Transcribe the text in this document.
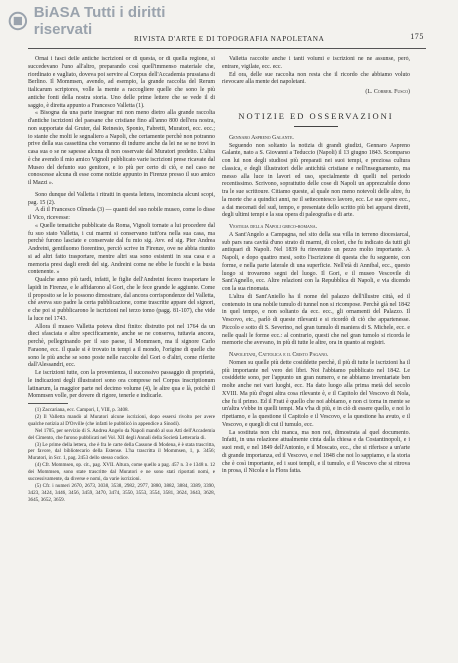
BiASA Tutti i diritti riservati
RIVISTA D'ARTE E DI TOPOGRAFIA NAPOLETANA	175

Ornai i fasci delle antiche iscrizioni or di questa, or di quella regione, si succedevano l'uno all'altro, preparando così quell'immenso materiale che, riordinato e vagliato, doveva poi servire al Corpus dell'Accademia prussiana di Berlino. Il Mommsen, avendo, ad esempio, la grande raccolta del Rerum italicarum scriptores, volle la mente a raccogliere quelle che sono le più antiche fonti della nostra storia. Uno delle prime lettere che se vede il di saggio, è diretta appunto a Francesco Valletta (1).

« Bisogna da una parte insegnar mi non meno dietro alla grande raccolta d'antiche iscrizioni del paesane che cristiane fino all'anno 800 dell'era nostra, non supportate dal Gruter, dal Reinesio, Sponio, Fabretti, Muratori, ecc. ecc.; io stante che molti le segnaliero a Napoli, che certamente perchè non potranno prive della sua cassettina che vorranno di indurre anche da lei ne se ne trovi in casa sua o se ne sapesse alcuna di non osservate dal Muratori predetto. L'altra è che avendo il mio amico Vignoli pubblicato varie iscrizioni prese ricavate dal Museo del defunto suo genitore, e io più per certo di ciò, e nel caso ne conoscesse alcuna di esse come notizie appunto in Firenze presso il suo amico il Mazzi ».

Sono dunque del Valletta i ritratti in questa lettera, incomincia alcuni scopi, pag. 15 (2).

A dì il Francesco Olmeda (3) — quanti del suo nobile museo, come lo disse il Vico, ricevesse:

« Quelle tematiche pubblicate da Roma, Vignoli tornate a lui procedere dal fu suo stato Valletta, i cui marmi si conservano tutt'ora nella sua casa, ma perchè furono lasciate e conservate dal fu mio sig. Avv. ed sig. Pier Andrea Andreini, gentiluomo fiorentino, perciò scrive in Firenze, ove ne abbia riunito si ad altri fatto trasportare, mentre altri sua sono esistenti in sua casa e a memoria presi dagli eredi del sig. Andreini come ne ebbe le fuochi e la busta contenente. »

Qualche anno più tardi, infatti, le figlie dell'Andreini fecero trasportare le lapidi in Firenze, e le affidarono al Gori, che le fece grande le aggiunte. Come il proposito se le lo possono dimostrare, dal ancora corrispondenze del Valletta, ché aveva suo padre la certa pubblicazione, come trascritte appare del signori, e che poi si pubblicarono le iscrizioni nel terzo tomo (pagg. 81-107), che vide la luce nel 1743.

Allora il museo Valletta poteva dirsi finito: distrutto poi nel 1764 da un dieci sfasciata e altre specificamente, anche se ne conserva, tuttavia ancora, perchè, pellegrinando per il suo paese, il Mommsen, ma il signore Carlo Faraone, ecc. il quale si è trovato in tempi a il mondo, l'origine di quelle che sono le più anche se sono poste nelle raccolte del Gori o d'altri, come riferite dall'Alessandri, ecc.

Le iscrizioni tutte, con la provenienza, il successivo passaggio di proprietà, le indicazioni degli illustratori sono ora comprese nel Corpus inscriptionum latinarum, la maggior parte nel decimo volume (4), le altre qua e là, poichè il Mommsen volle, per dovere di rigore, tenerle e indicarle.

(1) Zaccariana, ecc. Campori, I, VIII, p. 3408.

(2) Il Valletta mandò al Muratori alcune iscrizioni, dopo essersi rivolto per avere qualche notizia al D'Orville (che infatti le pubblicò in appendice a Sinodi).

Nel 1705, per servizio di S. Andrea Angelo da Napoli mandò al suo Atti dell'Accademia del Cimento, che furono pubblicati nel Vol. XII degli Annali della Società Letteraria di.

(3) Le prime della lettera, che è fra le carte della Cassone di Modena, è è stata trascritta, per favore, dal bibliotecario della Estense. L'ha trascritta il Mommsen, 1, p. 3456; Muratori, in Scr. 1, pag. 2453 dello stesso codice.

(4) Cfr. Mommsen, op. cit., pag. XVII. Altura, come quello a pag. 457 n. 3 e 1348 n. 12 dei Mommsen, sono state trascritte dal Muratori e ne sono stati riportati nomi, e successivamente, da diverse e nomi, da varie iscrizioni.

(5) Cfr. i numeri 2670, 2673, 3038, 3538, 2982, 2977, 3880, 3882, 3884, 3389, 3390, 3423, 3424, 3446, 3456, 3459, 3470, 3474, 3550, 3553, 3554, 3581, 3624, 3643, 3628, 3645, 3652, 3659.

Valletta raccolte anche i tanti volumi e iscrizioni ne ne assunse, però, entrare, vigilate, ecc. ecc.

Ed ora, delle sue raccolta non resta che il ricordo che abbiamo voluto rievocare alla mente dei napoletani.

(L. Correr. Fusco)
NOTIZIE ED OSSERVAZIONI

Gennaro Aspreno Galante.

Seguendo non soltanto la notizia di grandi giudizi, Gennaro Aspreno Galante, nato a S. Giovanni a Teduccio (Napoli) il 13 giugno 1843. Scomparso con lui non degli studiosi più preparati nei suoi tempi, e preziosa cultura classica, e degli illustratori delle antichità cristiane e nell'insegnamento, ma messo alla luce in lavori ed uso, specialmente di quelli nel periodo recentissimo. Scrivono, soprattutto delle cose di Napoli un apprezzabile dono tra le sue scrittoure. Citiamo queste, al quale non meno notevoli delle altre, fu la morte che a quindici anni, ne il settecentesco lavoro, ecc. Le sue opere ecc., a dai mecenati del sud, tempo, e presentate dello scritto più bei apparsi diretti, degli ultimi tempi e la sua opera di paleografia e di arte.

Vestigia della Napoli greco-romana.

A Sant'Angelo a Campagna, nel sito della sua villa in terreno diocesiarcal, sub pars rara cavità d'uno strato di marmi, di colori, che fu indicato da tutti gli antiquari di Napoli. Nel 1839 fu rinvenuto un pezzo molto importante. A Napoli, e dopo quattro mesi, sotto l'iscrizione di questa che fu seguente, con forme, e nella parte laterale di una superficie. Nell'età di Annibal, ecc., questo luogo si trovarono segni del luogo. Il Gori, e il museo Vescovile di Sant'Agnello, ecc. Altre relazioni con la Repubblica di Napoli, e via dicendo con la sua rinomata.

L'altra di Sant'Aniello ha il nome del palazzo dell'illustre città, ed il contenuto in una nobile tumulo di tunnel non si ricompose. Perchè già nel 1842 in quel tempo, e non soltanto da ecc. ecc., gli ornamenti del Palazzo. Il Vescovo, etc., parlò di queste rilevanti e si ricordò di ciò che appartenesse. Piccolo e sotto di S. Severino, nel gran tumulo di maniera di S. Michele, ecc. e nelle quali le forme ecc.: al contrario, questi che nel gran tumolo si ricorda le memorie che avevano, in più di tutte le altre, ora in quanto ai registri.

Napoletani, Cattolica e il Cristo Pagano.

Nomen su quelle più dette cosiddette perchè, il più di tutte le iscrizioni ha il più importante nel vero dei libri. Noi l'abbiamo pubblicato nel 1842. Le cosiddette sono, per l'appunto un gran numero, e ne abbiamo inventariate ben molte anche nei vari luoghi, ecc. Ha dato luogo alla prima metà del secolo XVIII. Ma più d'ogni altra cosa rilevante è, e il Capitolo del Vescovo di Nola, che fu il primo. Ed il Frati è quello che noi abbiamo, e non ci torna in mente se un'altra v'ebbe in quelli tempi. Ma v'ha di più, e in ciò di essere quello, e noi lo ripetiamo, e la questione il Capitolo e il Vescovo, e la questione ha avuto, e il Vescovo, e quegli di cui il tumulo, ecc.

La sostituta non chi manca, ma non noi, dimostrata al quel documento. Infatti, in una relazione attualmente cinta dalla chiesa e da Costantinopoli, e i suoi resti, e nel 1849 dell'Antonio, e il Moscato, ecc., che si riferisce a un'arte di grande importanza, ed il Vescovo, e nel 1848 che noi lo sappiamo, e la storia che è così importante, ed i suoi templi, e il tumulo, e il Vescovo che si ritrova in prosa, il Nicola e la Flora fatta.
